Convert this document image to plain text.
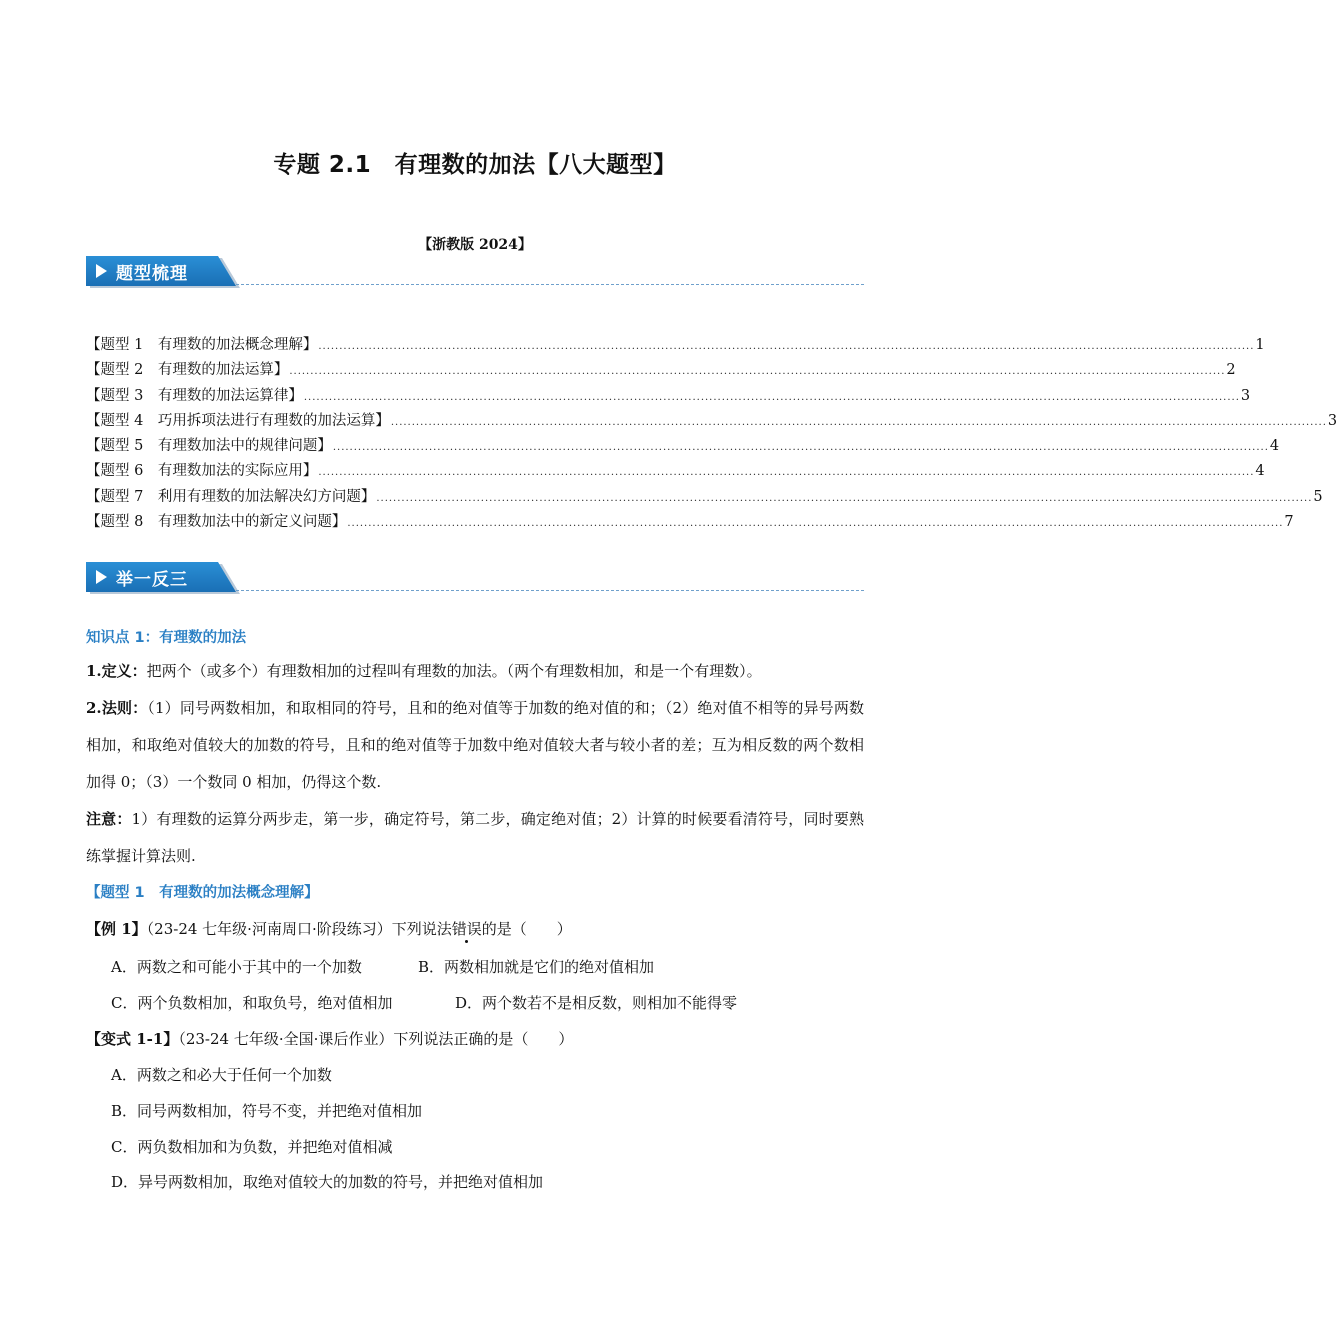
专题 2.1　有理数的加法【八大题型】
【浙教版 2024】
题型梳理
【题型 1　有理数的加法概念理解】 ................................................................................................................................................................................................................................ 1
【题型 2　有理数的加法运算】 ................................................................................................................................................................................................................................ 2
【题型 3　有理数的加法运算律】 ................................................................................................................................................................................................................................ 3
【题型 4　巧用拆项法进行有理数的加法运算】 ................................................................................................................................................................................................................................ 3
【题型 5　有理数加法中的规律问题】 ................................................................................................................................................................................................................................ 4
【题型 6　有理数加法的实际应用】 ................................................................................................................................................................................................................................ 4
【题型 7　利用有理数的加法解决幻方问题】 ................................................................................................................................................................................................................................ 5
【题型 8　有理数加法中的新定义问题】 ................................................................................................................................................................................................................................ 7
举一反三
知识点 1：有理数的加法
1.定义：把两个（或多个）有理数相加的过程叫有理数的加法。（两个有理数相加，和是一个有理数）。
2.法则：（1）同号两数相加，和取相同的符号，且和的绝对值等于加数的绝对值的和；（2）绝对值不相等的异号两数相加，和取绝对值较大的加数的符号，且和的绝对值等于加数中绝对值较大者与较小者的差；互为相反数的两个数相加得 0；（3）一个数同 0 相加，仍得这个数.
注意：1）有理数的运算分两步走，第一步，确定符号，第二步，确定绝对值；2）计算的时候要看清符号，同时要熟练掌握计算法则.
【题型 1　有理数的加法概念理解】
【例 1】（23-24 七年级·河南周口·阶段练习）下列说法错误的是（　　）
A．两数之和可能小于其中的一个加数	B．两数相加就是它们的绝对值相加
C．两个负数相加，和取负号，绝对值相加	D．两个数若不是相反数，则相加不能得零
【变式 1-1】（23-24 七年级·全国·课后作业）下列说法正确的是（　　）
A．两数之和必大于任何一个加数
B．同号两数相加，符号不变，并把绝对值相加
C．两负数相加和为负数，并把绝对值相减
D．异号两数相加，取绝对值较大的加数的符号，并把绝对值相加
